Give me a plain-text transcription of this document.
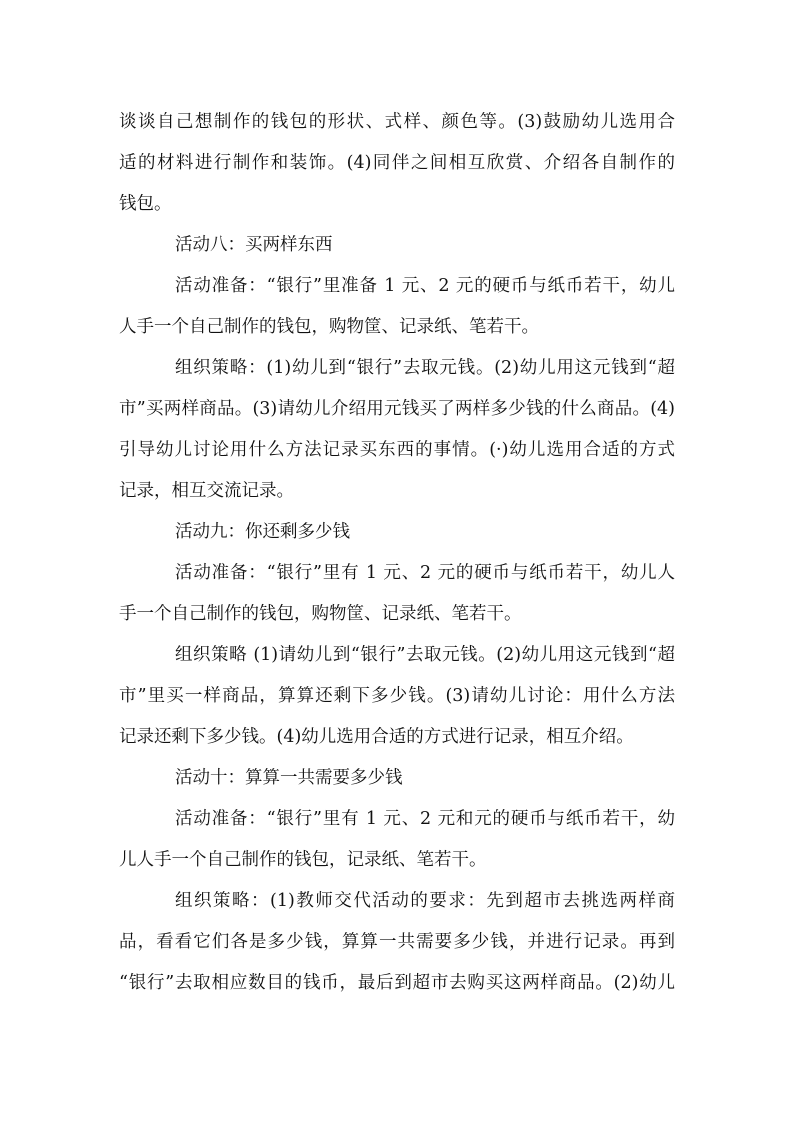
谈谈自己想制作的钱包的形状、式样、颜色等。(3)鼓励幼儿选用合
适的材料进行制作和装饰。(4)同伴之间相互欣赏、介绍各自制作的
钱包。
活动八：买两样东西
活动准备：“银行”里准备 1 元、2 元的硬币与纸币若干，幼儿
人手一个自己制作的钱包，购物筐、记录纸、笔若干。
组织策略：(1)幼儿到“银行”去取元钱。(2)幼儿用这元钱到“超
市”买两样商品。(3)请幼儿介绍用元钱买了两样多少钱的什么商品。(4)
引导幼儿讨论用什么方法记录买东西的事情。(·)幼儿选用合适的方式
记录，相互交流记录。
活动九：你还剩多少钱
活动准备：“银行”里有 1 元、2 元的硬币与纸币若干，幼儿人
手一个自己制作的钱包，购物筐、记录纸、笔若干。
组织策略 (1)请幼儿到“银行”去取元钱。(2)幼儿用这元钱到“超
市”里买一样商品，算算还剩下多少钱。(3)请幼儿讨论：用什么方法
记录还剩下多少钱。(4)幼儿选用合适的方式进行记录，相互介绍。
活动十：算算一共需要多少钱
活动准备：“银行”里有 1 元、2 元和元的硬币与纸币若干，幼
儿人手一个自己制作的钱包，记录纸、笔若干。
组织策略：(1)教师交代活动的要求：先到超市去挑选两样商
品，看看它们各是多少钱，算算一共需要多少钱，并进行记录。再到
“银行”去取相应数目的钱币，最后到超市去购买这两样商品。(2)幼儿
